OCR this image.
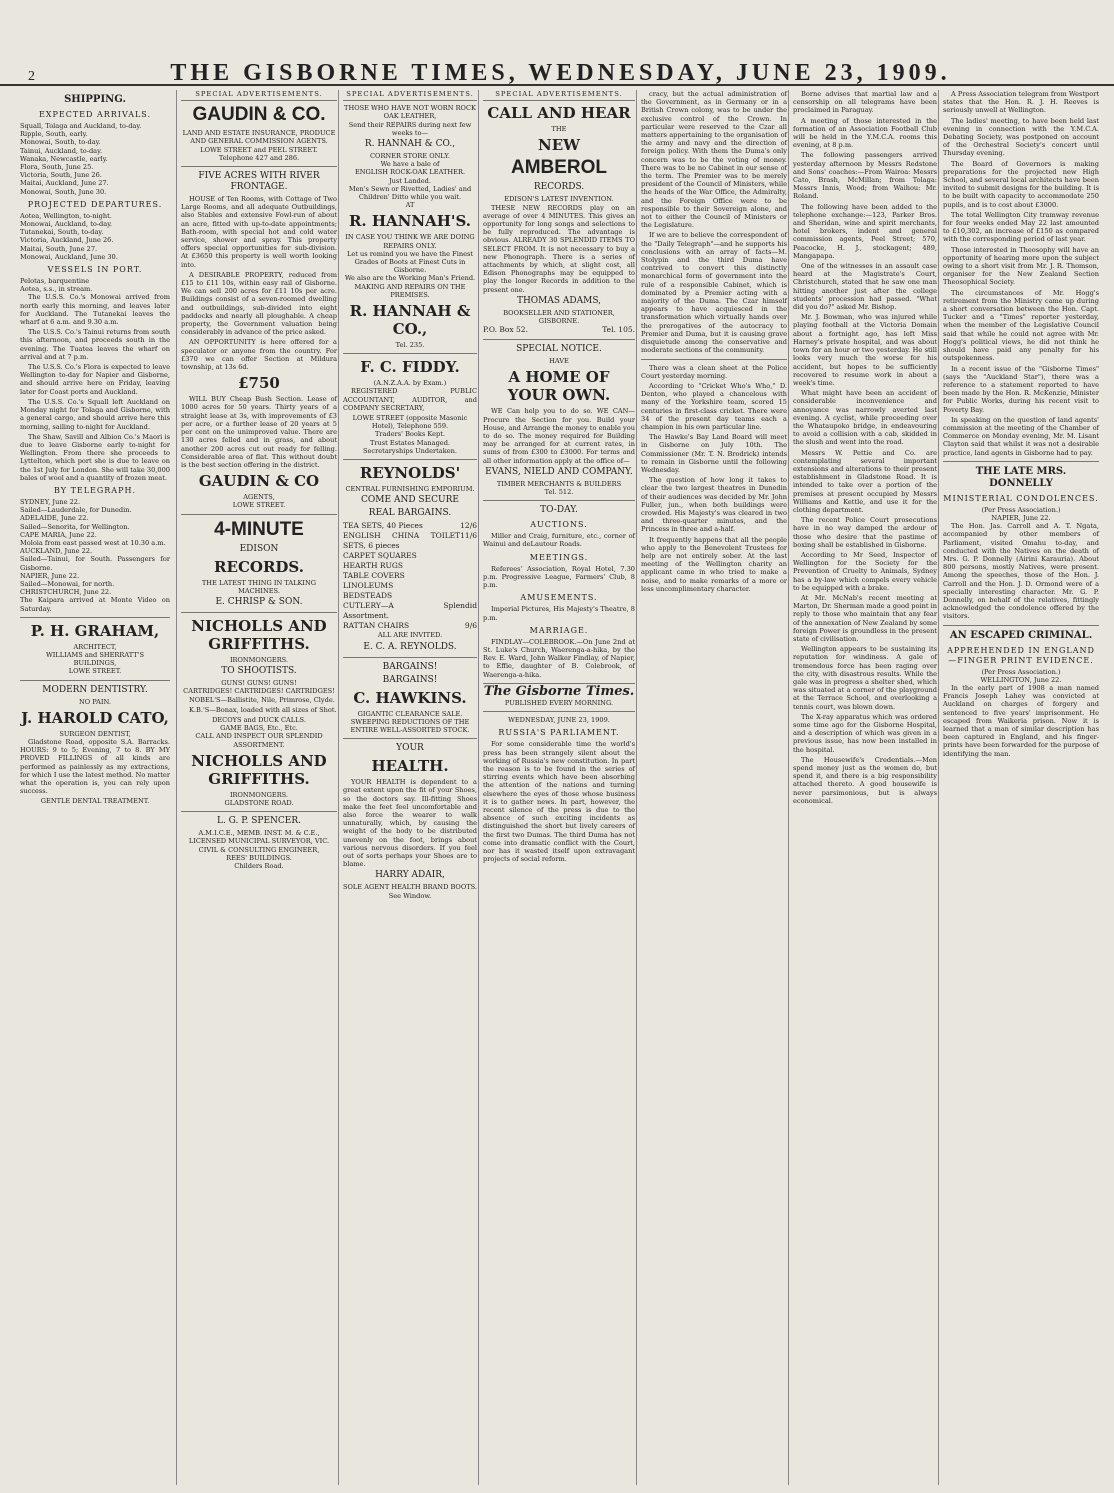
2	THE GISBORNE TIMES, WEDNESDAY, JUNE 23, 1909.
SHIPPING.
EXPECTED ARRIVALS.
Squall, Tolaga and Auckland, to-day.
Ripple, South, early.
Monowai, South, to-day.
Tainui, Auckland, to-day.
Wanaka, Newcastle, early.
Flora, South, June 25.
Victoria, South, June 26.
Maitai, Auckland, June 27.
Monowai, South, June 30.
PROJECTED DEPARTURES.
Aotea, Wellington, to-night.
Monowai, Auckland, to-day.
Tutanekai, South, to-day.
Victoria, Auckland, June 26.
Maitai, South, June 27.
Monowai, Auckland, June 30.
VESSELS IN PORT.
Pelotas, barquentine
Aotea, s.s., in stream.

The U.S.S. Co.'s Monowai arrived from north early this morning, and leaves later for Auckland. The Tutanekai leaves the wharf at 6 a.m. and 9.30 a.m.

The U.S.S. Co.'s Tainui returns from south this afternoon, and proceeds south in the evening. The Tuatea leaves the wharf on arrival and at 7 p.m.

The U.S.S. Co.'s Flora is expected to leave Wellington to-day for Napier and Gisborne, and should arrive here on Friday, leaving later for Coast ports and Auckland.

The U.S.S. Co.'s Squall left Auckland on Monday night for Tolaga and Gisborne, with a general cargo, and should arrive here this morning, sailing to-night for Auckland.

The Shaw, Savill and Albion Co.'s Maori is due to leave Gisborne early to-night for Wellington. From there she proceeds to Lyttelton, which port she is due to leave on the 1st July for London. She will take 30,000 bales of wool and a quantity of frozen meat.

BY TELEGRAPH.
SYDNEY, June 22.
Sailed—Lauderdale, for Dunedin.
ADELAIDE, June 22.
Sailed—Senorita, for Wellington.
CAPE MARIA, June 22.
Moloia from east passed west at 10.30 a.m.
AUCKLAND, June 22.
Sailed—Tainui, for South. Passengers for Gisborne.
NAPIER, June 22.
Sailed—Monowai, for north.
CHRISTCHURCH, June 22.
The Kaipara arrived at Monte Video on Saturday.
P. H. GRAHAM,
ARCHITECT,
WILLIAMS and SHERRATT'S
BUILDINGS,
LOWE STREET.
MODERN DENTISTRY.
NO PAIN.
J. HAROLD CATO,
SURGEON DENTIST,

Gladstone Road, opposite S.A. Barracks. HOURS: 9 to 5; Evening, 7 to 8. BY MY PROVED FILLINGS of all kinds are performed as painlessly as my extractions, for which I use the latest method. No matter what the operation is, you can rely upon success.

GENTLE DENTAL TREATMENT.
SPECIAL ADVERTISEMENTS.
GAUDIN & CO.
LAND AND ESTATE INSURANCE, PRODUCE AND GENERAL COMMISSION AGENTS.
LOWE STREET and PEEL STREET.
Telephone 427 and 286.
FIVE ACRES WITH RIVER FRONTAGE.

HOUSE of Ten Rooms, with Cottage of Two Large Rooms, and all adequate Outbuildings, also Stables and extensive Fowl-run of about an acre, fitted with up-to-date appointments; Bath-room, with special hot and cold water service, shower and spray. This property offers special opportunities for sub-division. At £3650 this property is well worth looking into.

A DESIRABLE PROPERTY, reduced from £15 to £11 10s, within easy rail of Gisborne. We can sell 200 acres for £11 10s per acre. Buildings consist of a seven-roomed dwelling and outbuildings, sub-divided into eight paddocks and nearly all ploughable. A cheap property, the Government valuation being considerably in advance of the price asked.

AN OPPORTUNITY is here offered for a speculator or anyone from the country. For £370 we can offer Section at Mildura township, at 13s 6d.

£750

WILL BUY Cheap Bush Section. Lease of 1000 acres for 50 years. Thirty years of a straight lease at 3s, with improvements of £3 per acre, or a further lease of 20 years at 5 per cent on the unimproved value. There are 130 acres felled and in grass, and about another 200 acres cut out ready for felling. Considerable area of flat. This without doubt is the best section offering in the district.

GAUDIN & CO
AGENTS,
LOWE STREET.
4-MINUTE
EDISON
RECORDS.
THE LATEST THING IN TALKING MACHINES.
E. CHRISP & SON.
NICHOLLS AND GRIFFITHS.
IRONMONGERS.
TO SHOOTISTS.
GUNS! GUNS! GUNS!
CARTRIDGES! CARTRIDGES! CARTRIDGES!

NOBEL'S—Ballistite, Nile, Primrose, Clyde.

K.B.'S—Bonax, loaded with all sizes of Shot.

DECOYS and DUCK CALLS.
GAME BAGS, Etc., Etc.
CALL AND INSPECT OUR SPLENDID ASSORTMENT.
NICHOLLS AND GRIFFITHS.
IRONMONGERS.
GLADSTONE ROAD.
L. G. P. SPENCER.
A.M.I.C.E., MEMB. INST. M. & C.E., LICENSED MUNICIPAL SURVEYOR, VIC.
CIVIL & CONSULTING ENGINEER,
REES' BUILDINGS.
Childers Road.
SPECIAL ADVERTISEMENTS.
THOSE WHO HAVE NOT WORN ROCK OAK LEATHER,
Send their REPAIRS during next few weeks to—
R. HANNAH & CO.,
CORNER STORE ONLY.
We have a bale of
ENGLISH ROCK-OAK LEATHER.
Just Landed.
Men's Sewn or Rivetted, Ladies' and Children' Ditto while you wait.
AT
R. HANNAH'S.
IN CASE YOU THINK WE ARE DOING REPAIRS ONLY.
Let us remind you we have the Finest Grades of Boots at Finest Cuts in Gisborne.
We also are the Working Man's Friend.
MAKING AND REPAIRS ON THE PREMISES.
R. HANNAH & CO.,
Tel. 235.
F. C. FIDDY.
(A.N.Z.A.A. by Exam.)

REGISTERED PUBLIC ACCOUNTANT, AUDITOR, and COMPANY SECRETARY,

LOWE STREET (opposite Masonic Hotel), Telephone 559.
Traders' Books Kept.
Trust Estates Managed.
Secretaryships Undertaken.
REYNOLDS'
CENTRAL FURNISHING EMPORIUM.
COME AND SECURE
REAL BARGAINS.
TEA SETS, 40 Pieces	12/6
ENGLISH CHINA TOILET SETS, 6 pieces
11/6
CARPET SQUARES
HEARTH RUGS
TABLE COVERS
LINOLEUMS
BEDSTEADS
CUTLERY—A Splendid Assortment.
RATTAN CHAIRS	9/6
ALL ARE INVITED.
E. C. A. REYNOLDS.
BARGAINS!
BARGAINS!
C. HAWKINS.
GIGANTIC CLEARANCE SALE.
SWEEPING REDUCTIONS OF THE ENTIRE WELL-ASSORTED STOCK.
YOUR
HEALTH.

YOUR HEALTH is dependent to a great extent upon the fit of your Shoes, so the doctors say. Ill-fitting Shoes make the feet feel uncomfortable and also force the wearer to walk unnaturally, which, by causing the weight of the body to be distributed unevenly on the foot, brings about various nervous disorders. If you feel out of sorts perhaps your Shoes are to blame.

HARRY ADAIR,
SOLE AGENT HEALTH BRAND BOOTS.
See Window.
SPECIAL ADVERTISEMENTS.
CALL AND HEAR
THE
NEW
AMBEROL
RECORDS.
EDISON'S LATEST INVENTION.

THESE NEW RECORDS play on an average of over 4 MINUTES. This gives an opportunity for long songs and selections to be fully reproduced. The advantage is obvious. ALREADY 30 SPLENDID ITEMS TO SELECT FROM. It is not necessary to buy a new Phonograph. There is a series of attachments by which, at slight cost, all Edison Phonographs may be equipped to play the longer Records in addition to the present one.

THOMAS ADAMS,
BOOKSELLER AND STATIONER, GISBORNE.
P.O. Box 52.	Tel. 105.
SPECIAL NOTICE.
HAVE
A HOME OF YOUR OWN.

WE Can help you to do so. WE CAN—Procure the Section for you. Build your House, and Arrange the money to enable you to do so. The money required for Building may be arranged for at current rates, in sums of from £300 to £3000. For terms and all other information apply at the office of—

EVANS, NIELD AND COMPANY.
TIMBER MERCHANTS & BUILDERS
Tel. 512.
TO-DAY.
AUCTIONS.

Miller and Craig, furniture, etc., corner of Wainui and deLautour Roads.

MEETINGS.

Referees' Association, Royal Hotel, 7.30 p.m. Progressive League, Farmers' Club, 8 p.m.

AMUSEMENTS.

Imperial Pictures, His Majesty's Theatre, 8 p.m.

MARRIAGE.

FINDLAY—COLEBROOK.—On June 2nd at St. Luke's Church, Waerenga-a-hika, by the Rev. E. Ward, John Walker Findlay, of Napier, to Effie, daughter of B. Colebrook, of Waerenga-a-hika.

The Gisborne Times.
PUBLISHED EVERY MORNING.
WEDNESDAY, JUNE 23, 1909.
RUSSIA'S PARLIAMENT.

For some considerable time the world's press has been strangely silent about the working of Russia's new constitution. In part the reason is to be found in the series of stirring events which have been absorbing the attention of the nations and turning elsewhere the eyes of those whose business it is to gather news. In part, however, the recent silence of the press is due to the absence of such exciting incidents as distinguished the short but lively careers of the first two Dumas. The third Duma has not come into dramatic conflict with the Court, nor has it wasted itself upon extravagant projects of social reform.

cracy, but the actual administration of the Government, as in Germany or in a British Crown colony, was to be under the exclusive control of the Crown. In particular were reserved to the Czar all matters appertaining to the organisation of the army and navy and the direction of foreign policy. With them the Duma's only concern was to be the voting of money. There was to be no Cabinet in our sense of the term. The Premier was to be merely president of the Council of Ministers, while the heads of the War Office, the Admiralty, and the Foreign Office were to be responsible to their Sovereign alone, and not to either the Council of Ministers or the Legislature.

If we are to believe the correspondent of the "Daily Telegraph"—and he supports his conclusions with an array of facts—M. Stolypin and the third Duma have contrived to convert this distinctly monarchical form of government into the rule of a responsible Cabinet, which is dominated by a Premier acting with a majority of the Duma. The Czar himself appears to have acquiesced in the transformation which virtually hands over the prerogatives of the autocracy to Premier and Duma, but it is causing grave disquietude among the conservative and moderate sections of the community.

There was a clean sheet at the Police Court yesterday morning.

According to "Cricket Who's Who," D. Denton, who played a chancelous with many of the Yorkshire team, scored 15 centuries in first-class cricket. There were 34 of the present day teams each a champion in his own particular line.

The Hawke's Bay Land Board will meet in Gisborne on July 10th. The Commissioner (Mr. T. N. Brodrick) intends to remain in Gisborne until the following Wednesday.

The question of how long it takes to clear the two largest theatres in Dunedin of their audiences was decided by Mr. John Fuller, jun., when both buildings were crowded. His Majesty's was cleared in two and three-quarter minutes, and the Princess in three and a-half.

It frequently happens that all the people who apply to the Benevolent Trustees for help are not entirely sober. At the last meeting of the Wellington charity an applicant came in who tried to make a noise, and to make remarks of a more or less uncomplimentary character.

Borne advises that martial law and a censorship on all telegrams have been proclaimed in Paraguay.

A meeting of those interested in the formation of an Association Football Club will be held in the Y.M.C.A. rooms this evening, at 8 p.m.

The following passengers arrived yesterday afternoon by Messrs Redstone and Sons' coaches:—From Wairoa: Messrs Cato, Brash, McMillan; from Tolaga: Messrs Innis, Wood; from Waihou: Mr. Roland.

The following have been added to the telephone exchange:—123, Parker Bros. and Sheridan, wine and spirit merchants, hotel brokers, indent and general commission agents, Peel Street; 570, Peacocke, H. J., stockagent; 489, Mangapapa.

One of the witnesses in an assault case heard at the Magistrate's Court, Christchurch, stated that he saw one man hitting another just after the college students' procession had passed. "What did you do?" asked Mr. Bishop.

Mr. J. Bowman, who was injured while playing football at the Victoria Domain about a fortnight ago, has left Miss Harney's private hospital, and was about town for an hour or two yesterday. He still looks very much the worse for his accident, but hopes to be sufficiently recovered to resume work in about a week's time.

What might have been an accident of considerable inconvenience and annoyance was narrowly averted last evening. A cyclist, while proceeding over the Whataupoko bridge, in endeavouring to avoid a collision with a cab, skidded in the slush and went into the road.

Messrs W. Pettie and Co. are contemplating several important extensions and alterations to their present establishment in Gladstone Road. It is intended to take over a portion of the premises at present occupied by Messrs Williams and Kettle, and use it for the clothing department.

The recent Police Court prosecutions have in no way damped the ardour of those who desire that the pastime of boxing shall be established in Gisborne.

According to Mr Seed, Inspector of Wellington for the Society for the Prevention of Cruelty to Animals, Sydney has a by-law which compels every vehicle to be equipped with a brake.

At Mr. McNab's recent meeting at Marton, Dr. Sherman made a good point in reply to those who maintain that any fear of the annexation of New Zealand by some foreign Power is groundless in the present state of civilisation.

Wellington appears to be sustaining its reputation for windiness. A gale of tremendous force has been raging over the city, with disastrous results. While the gale was in progress a shelter shed, which was situated at a corner of the playground at the Terrace School, and overlooking a tennis court, was blown down.

The X-ray apparatus which was ordered some time ago for the Gisborne Hospital, and a description of which was given in a previous issue, has now been installed in the hospital.

The Housewife's Credentials.—Men spend money just as the women do, but spend it, and there is a big responsibility attached thereto. A good housewife is never parsimonious, but is always economical.

A Press Association telegram from Westport states that the Hon. R. J. H. Reeves is seriously unwell at Wellington.

The ladies' meeting, to have been held last evening in connection with the Y.M.C.A. Debating Society, was postponed on account of the Orchestral Society's concert until Thursday evening.

The Board of Governors is making preparations for the projected new High School, and several local architects have been invited to submit designs for the building. It is to be built with capacity to accommodate 250 pupils, and is to cost about £3000.

The total Wellington City tramway revenue for four weeks ended May 22 last amounted to £10,302, an increase of £150 as compared with the corresponding period of last year.

Those interested in Theosophy will have an opportunity of hearing more upon the subject owing to a short visit from Mr. J. R. Thomson, organiser for the New Zealand Section Theosophical Society.

The circumstances of Mr. Hogg's retirement from the Ministry came up during a short conversation between the Hon. Capt. Tucker and a "Times" reporter yesterday, when the member of the Legislative Council said that while he could not agree with Mr. Hogg's political views, he did not think he should have paid any penalty for his outspokenness.

In a recent issue of the "Gisborne Times" (says the "Auckland Star"), there was a reference to a statement reported to have been made by the Hon. R. McKenzie, Minister for Public Works, during his recent visit to Poverty Bay.

In speaking on the question of land agents' commission at the meeting of the Chamber of Commerce on Monday evening, Mr. M. Lisant Clayton said that whilst it was not a desirable practice, land agents in Gisborne had to pay.

THE LATE MRS. DONNELLY
MINISTERIAL CONDOLENCES.
(Per Press Association.)
NAPIER, June 22.

The Hon. Jas. Carroll and A. T. Ngata, accompanied by other members of Parliament, visited Omahu to-day, and conducted with the Natives on the death of Mrs. G. P. Donnelly (Airini Karauria). About 800 persons, mostly Natives, were present. Among the speeches, those of the Hon. J. Carroll and the Hon. J. D. Ormond were of a specially interesting character. Mr. G. P. Donnelly, on behalf of the relatives, fittingly acknowledged the condolence offered by the visitors.

AN ESCAPED CRIMINAL.
APPREHENDED IN ENGLAND—FINGER PRINT EVIDENCE.
(Per Press Association.)
WELLINGTON, June 22.

In the early part of 1908 a man named Francis Joseph Lahey was convicted at Auckland on charges of forgery and sentenced to five years' imprisonment. He escaped from Waikeria prison. Now it is learned that a man of similar description has been captured in England, and his finger-prints have been forwarded for the purpose of identifying the man.
